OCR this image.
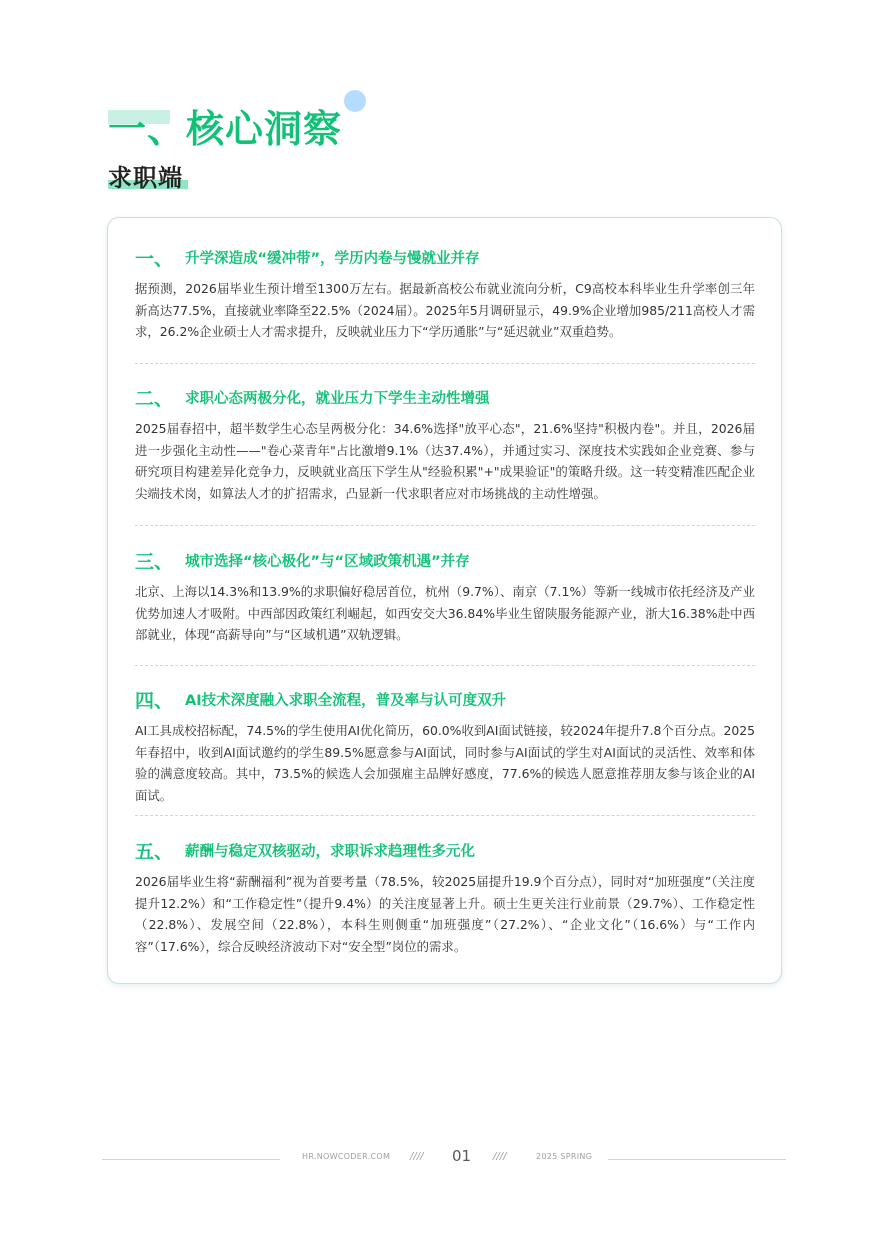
一、核心洞察
求职端
一、 升学深造成“缓冲带”，学历内卷与慢就业并存

据预测，2026届毕业生预计增至1300万左右。据最新高校公布就业流向分析，C9高校本科毕业生升学率创三年新高达77.5%，直接就业率降至22.5%（2024届）。2025年5月调研显示，49.9%企业增加985/211高校人才需求，26.2%企业硕士人才需求提升，反映就业压力下“学历通胀”与“延迟就业”双重趋势。

二、 求职心态两极分化，就业压力下学生主动性增强

2025届春招中，超半数学生心态呈两极分化：34.6%选择"放平心态"，21.6%坚持"积极内卷"。并且，2026届进一步强化主动性——"卷心菜青年"占比激增9.1%（达37.4%），并通过实习、深度技术实践如企业竞赛、参与研究项目构建差异化竞争力，反映就业高压下学生从"经验积累"+"成果验证"的策略升级。这一转变精准匹配企业尖端技术岗，如算法人才的扩招需求，凸显新一代求职者应对市场挑战的主动性增强。

三、 城市选择“核心极化”与“区域政策机遇”并存

北京、上海以14.3%和13.9%的求职偏好稳居首位，杭州（9.7%）、南京（7.1%）等新一线城市依托经济及产业优势加速人才吸附。中西部因政策红利崛起，如西安交大36.84%毕业生留陕服务能源产业，浙大16.38%赴中西部就业，体现“高薪导向”与“区域机遇”双轨逻辑。

四、 AI技术深度融入求职全流程，普及率与认可度双升

AI工具成校招标配，74.5%的学生使用AI优化简历，60.0%收到AI面试链接，较2024年提升7.8个百分点。2025年春招中，收到AI面试邀约的学生89.5%愿意参与AI面试，同时参与AI面试的学生对AI面试的灵活性、效率和体验的满意度较高。其中，73.5%的候选人会加强雇主品牌好感度，77.6%的候选人愿意推荐朋友参与该企业的AI面试。

五、 薪酬与稳定双核驱动，求职诉求趋理性多元化

2026届毕业生将“薪酬福利”视为首要考量（78.5%，较2025届提升19.9个百分点），同时对“加班强度”（关注度提升12.2%）和“工作稳定性”（提升9.4%）的关注度显著上升。硕士生更关注行业前景（29.7%）、工作稳定性（22.8%）、发展空间（22.8%），本科生则侧重“加班强度”（27.2%）、“企业文化”（16.6%）与“工作内容”（17.6%），综合反映经济波动下对“安全型”岗位的需求。

HR.NOWCODER.COM //// 01 ////	2025 SPRING
